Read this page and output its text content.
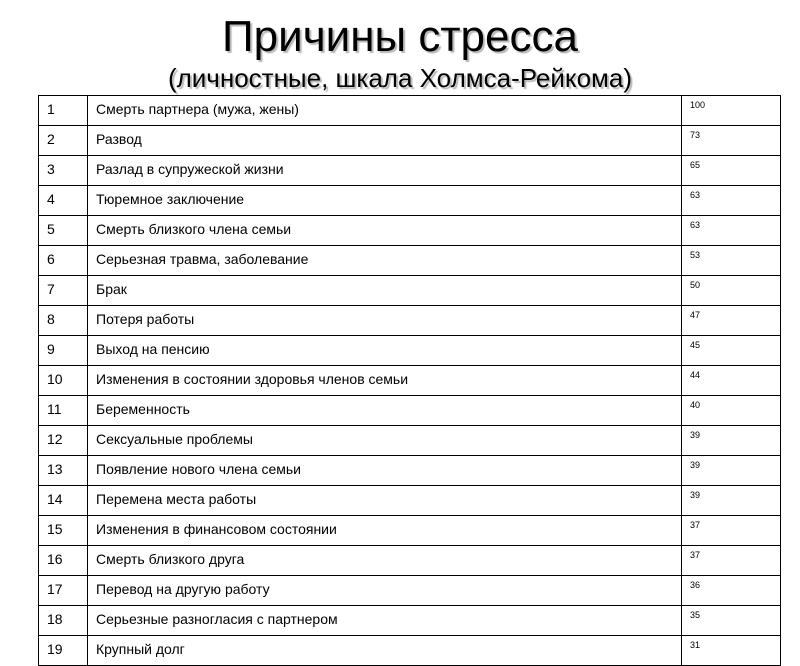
Причины стресса
(личностные, шкала Холмса-Рейкома)
1	Смерть партнера (мужа, жены)	100
2	Развод	73
3	Разлад в супружеской жизни	65
4	Тюремное заключение	63
5	Смерть близкого члена семьи	63
6	Серьезная травма, заболевание	53
7	Брак	50
8	Потеря работы	47
9	Выход на пенсию	45
10	Изменения в состоянии здоровья членов семьи	44
11	Беременность	40
12	Сексуальные проблемы	39
13	Появление нового члена семьи	39
14	Перемена места работы	39
15	Изменения в финансовом состоянии	37
16	Смерть близкого друга	37
17	Перевод на другую работу	36
18	Серьезные разногласия с партнером	35
19	Крупный долг	31
